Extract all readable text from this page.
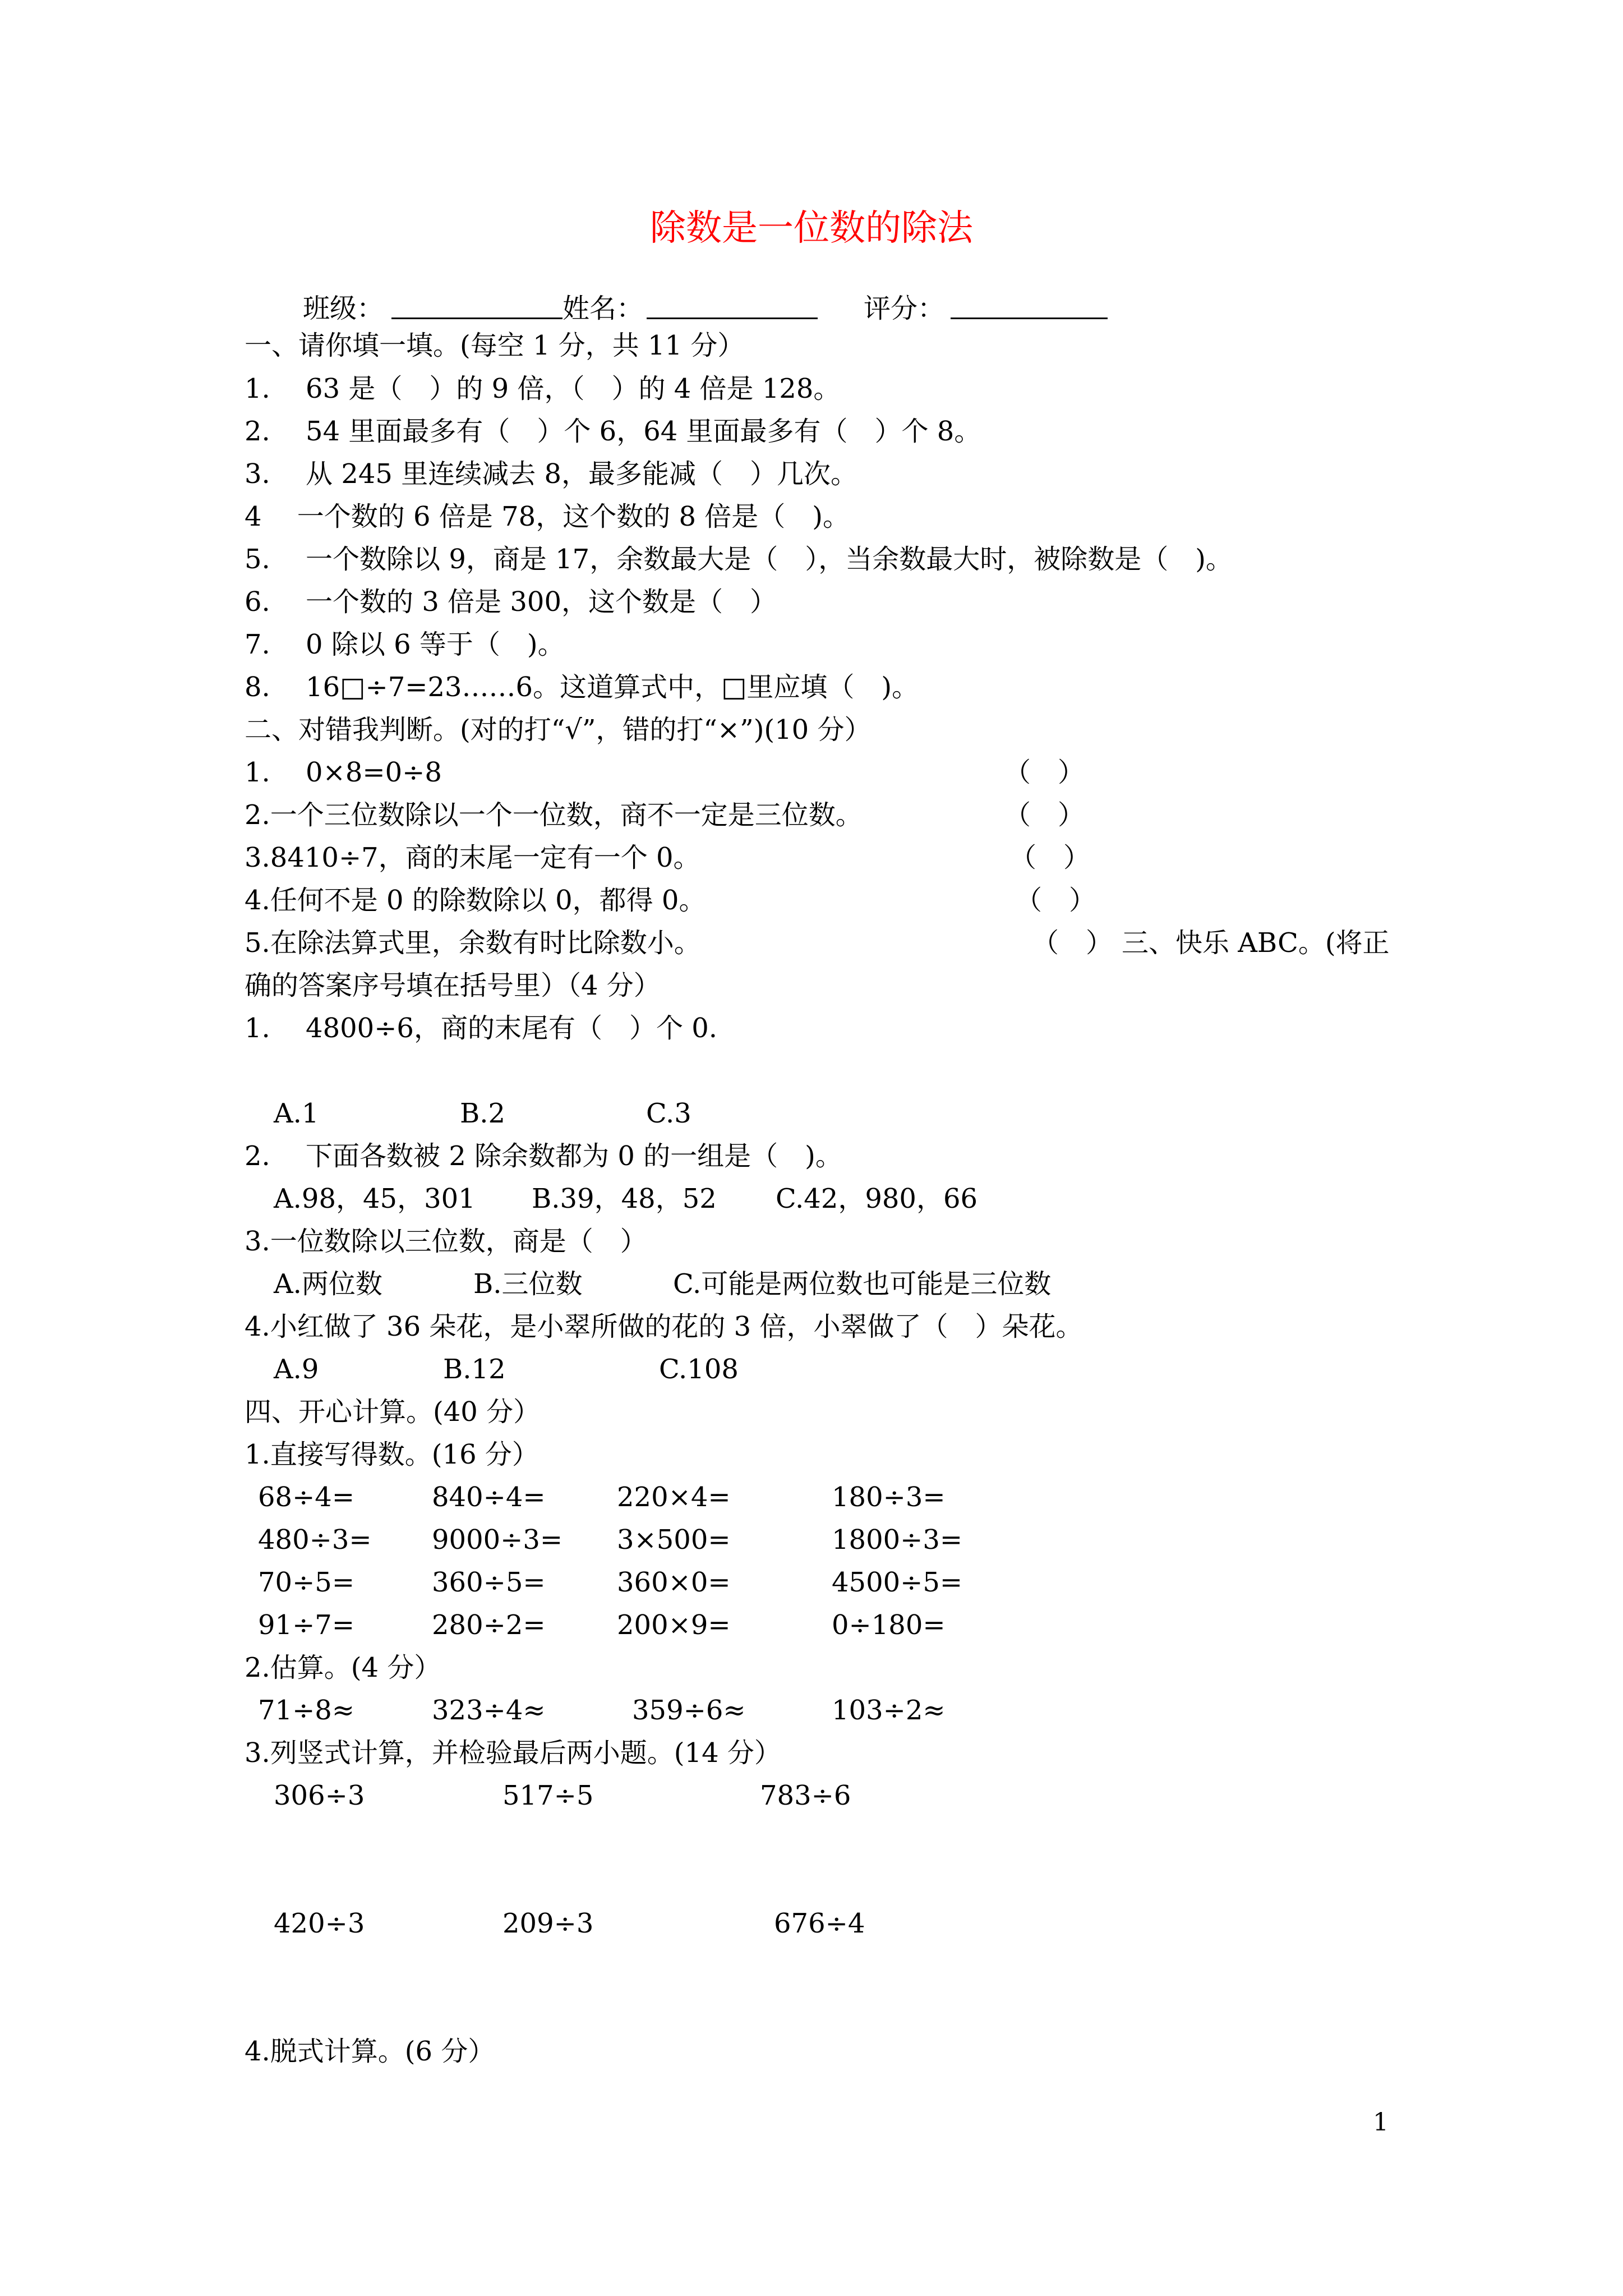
除数是一位数的除法
班级：	姓名：	评分：
一、请你填一填。(每空 1 分，共 11 分）
1.　 63 是（　）的 9 倍，（　）的 4 倍是 128。
2.　 54 里面最多有（　）个 6，64 里面最多有（　）个 8。
3.　 从 245 里连续减去 8，最多能减（　）几次。
4　 一个数的 6 倍是 78，这个数的 8 倍是（　)。
5.　 一个数除以 9，商是 17，余数最大是（　），当余数最大时，被除数是（　)。
6.　 一个数的 3 倍是 300，这个数是（　）
7.　 0 除以 6 等于（　)。
8.　 16□÷7=23……6。这道算式中，□里应填（　)。
二、对错我判断。(对的打“√”，错的打“×”)(10 分）
1.　 0×8=0÷8	（　）
2.一个三位数除以一个一位数，商不一定是三位数。	（　）
3.8410÷7，商的末尾一定有一个 0。	（　）
4.任何不是 0 的除数除以 0，都得 0。	（　）
5.在除法算式里，余数有时比除数小。	（　） 三、快乐 ABC。(将正
确的答案序号填在括号里）（4 分）
1.　 4800÷6，商的末尾有（　）个 0.
A.1	B.2	C.3
2.　 下面各数被 2 除余数都为 0 的一组是（　)。
A.98，45，301 B.39，48，52 C.42，980，66
3.一位数除以三位数，商是（　）
A.两位数	B.三位数	C.可能是两位数也可能是三位数
4.小红做了 36 朵花，是小翠所做的花的 3 倍，小翠做了（　）朵花。
A.9	B.12	C.108
四、开心计算。(40 分）
1.直接写得数。(16 分）
68÷4=	840÷4=	220×4=	180÷3=
480÷3= 9000÷3= 3×500=	1800÷3=
70÷5=	360÷5=	360×0=	4500÷5=
91÷7=	280÷2=	200×9=	0÷180=
2.估算。(4 分）
71÷8≈	323÷4≈	359÷6≈	103÷2≈
3.列竖式计算，并检验最后两小题。(14 分）
306÷3	517÷5	783÷6
420÷3	209÷3	676÷4
4.脱式计算。(6 分）
1
